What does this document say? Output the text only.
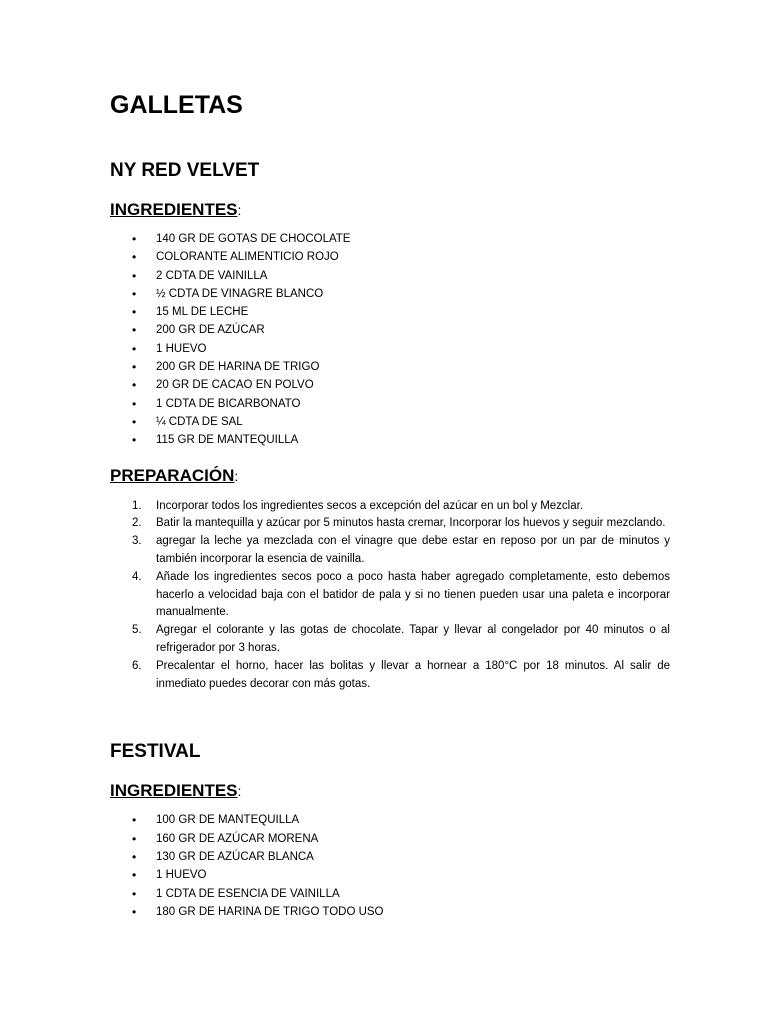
GALLETAS
NY RED VELVET
INGREDIENTES:
• 140 GR DE GOTAS DE CHOCOLATE
• COLORANTE ALIMENTICIO ROJO
• 2 CDTA DE VAINILLA
• ½ CDTA DE VINAGRE BLANCO
• 15 ML DE LECHE
• 200 GR DE AZÚCAR
• 1 HUEVO
• 200 GR DE HARINA DE TRIGO
• 20 GR DE CACAO EN POLVO
• 1 CDTA DE BICARBONATO
• ¼ CDTA DE SAL
• 115 GR DE MANTEQUILLA
PREPARACIÓN:
1. Incorporar todos los ingredientes secos a excepción del azúcar en un bol y Mezclar.
2. Batir la mantequilla y azúcar por 5 minutos hasta cremar, Incorporar los huevos y seguir mezclando.
3. agregar la leche ya mezclada con el vinagre que debe estar en reposo por un par de minutos y también incorporar la esencia de vainilla.
4. Añade los ingredientes secos poco a poco hasta haber agregado completamente, esto debemos hacerlo a velocidad baja con el batidor de pala y si no tienen pueden usar una paleta e incorporar manualmente.
5. Agregar el colorante y las gotas de chocolate. Tapar y llevar al congelador por 40 minutos o al refrigerador por 3 horas.
6. Precalentar el horno, hacer las bolitas y llevar a hornear a 180°C por 18 minutos. Al salir de inmediato puedes decorar con más gotas.
FESTIVAL
INGREDIENTES:
• 100 GR DE MANTEQUILLA
• 160 GR DE AZÚCAR MORENA
• 130 GR DE AZÚCAR BLANCA
• 1 HUEVO
• 1 CDTA DE ESENCIA DE VAINILLA
• 180 GR DE HARINA DE TRIGO TODO USO
